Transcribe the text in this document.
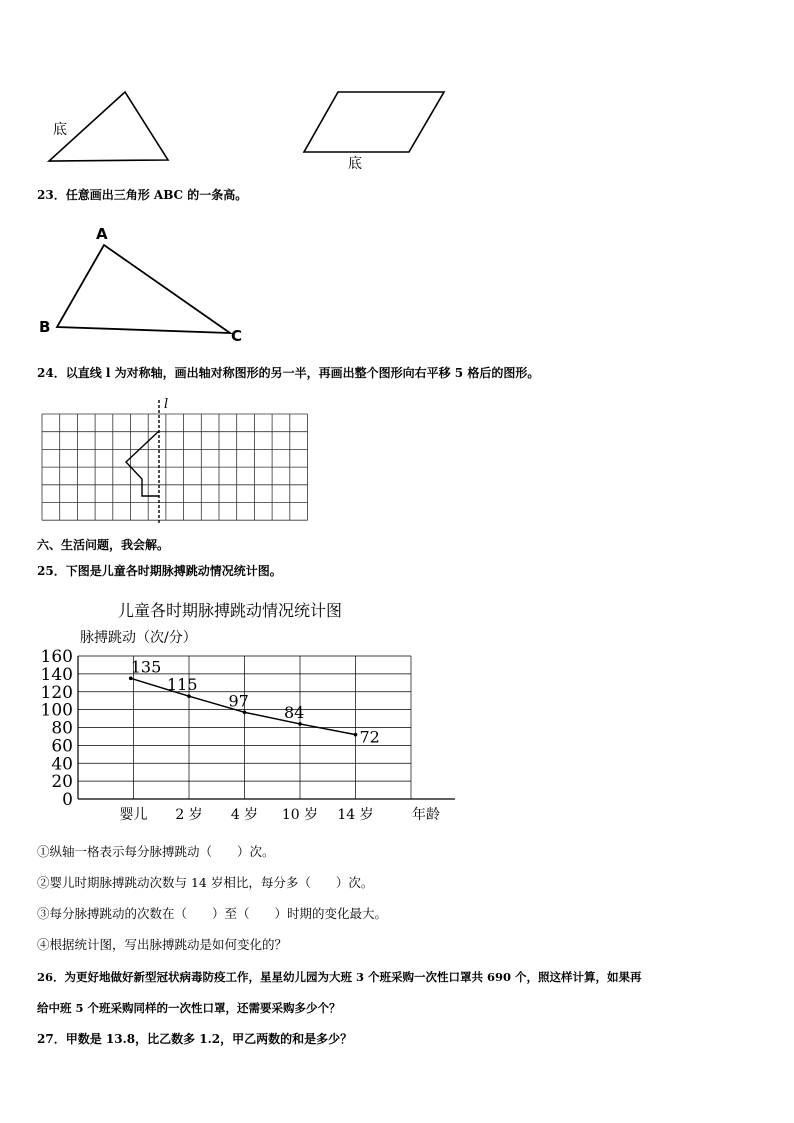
底
底
23．任意画出三角形 ABC 的一条高。
A
B	C
24．以直线 l 为对称轴，画出轴对称图形的另一半，再画出整个图形向右平移 5 格后的图形。
l
六、生活问题，我会解。
25．下图是儿童各时期脉搏跳动情况统计图。
儿童各时期脉搏跳动情况统计图
脉搏跳动（次/分）
0
20
40
60
80
100
120
140
160
婴儿 2 岁 4 岁 10 岁 14 岁
135
115
97
84
72
年龄
①纵轴一格表示每分脉搏跳动（　　）次。
②婴儿时期脉搏跳动次数与 14 岁相比，每分多（　　）次。
③每分脉搏跳动的次数在（　　）至（　　）时期的变化最大。
④根据统计图，写出脉搏跳动是如何变化的？
26．为更好地做好新型冠状病毒防疫工作，星星幼儿园为大班 3 个班采购一次性口罩共 690 个，照这样计算，如果再
给中班 5 个班采购同样的一次性口罩，还需要采购多少个？
27．甲数是 13.8，比乙数多 1.2，甲乙两数的和是多少？
